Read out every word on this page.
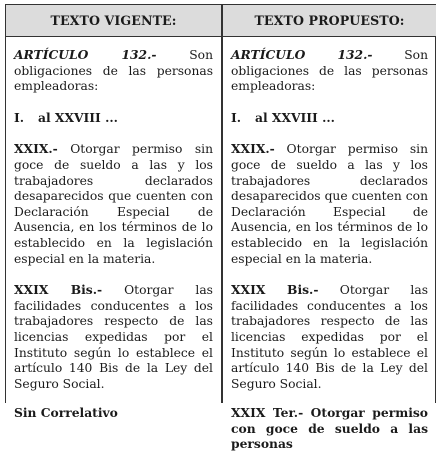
TEXTO VIGENTE:

ARTÍCULO 132.- Son obligaciones de las personas empleadoras:

I. al XXVIII ...

XXIX.- Otorgar permiso sin goce de sueldo a las y los trabajadores declarados desaparecidos que cuenten con Declaración Especial de Ausencia, en los términos de lo establecido en la legislación especial en la materia.

XXIX Bis.- Otorgar las facilidades conducentes a los trabajadores respecto de las licencias expedidas por el Instituto según lo establece el artículo 140 Bis de la Ley del Seguro Social.

Sin Correlativo

TEXTO PROPUESTO:

ARTÍCULO 132.- Son obligaciones de las personas empleadoras:

I. al XXVIII ...

XXIX.- Otorgar permiso sin goce de sueldo a las y los trabajadores declarados desaparecidos que cuenten con Declaración Especial de Ausencia, en los términos de lo establecido en la legislación especial en la materia.

XXIX Bis.- Otorgar las facilidades conducentes a los trabajadores respecto de las licencias expedidas por el Instituto según lo establece el artículo 140 Bis de la Ley del Seguro Social.

XXIX Ter.- Otorgar permiso con goce de sueldo a las personas
